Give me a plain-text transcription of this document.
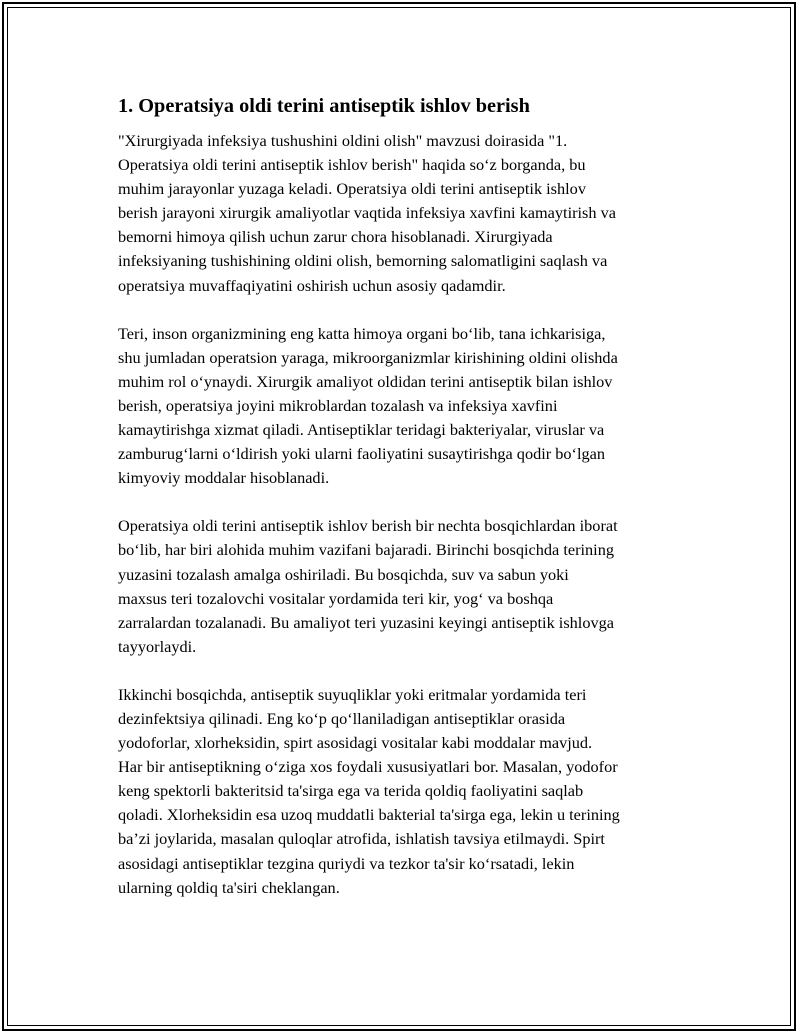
1. Operatsiya oldi terini antiseptik ishlov berish

"Xirurgiyada infeksiya tushushini oldini olish" mavzusi doirasida "1.
Operatsiya oldi terini antiseptik ishlov berish" haqida so‘z borganda, bu
muhim jarayonlar yuzaga keladi. Operatsiya oldi terini antiseptik ishlov
berish jarayoni xirurgik amaliyotlar vaqtida infeksiya xavfini kamaytirish va
bemorni himoya qilish uchun zarur chora hisoblanadi. Xirurgiyada
infeksiyaning tushishining oldini olish, bemorning salomatligini saqlash va
operatsiya muvaffaqiyatini oshirish uchun asosiy qadamdir.

Teri, inson organizmining eng katta himoya organi bo‘lib, tana ichkarisiga,
shu jumladan operatsion yaraga, mikroorganizmlar kirishining oldini olishda
muhim rol o‘ynaydi. Xirurgik amaliyot oldidan terini antiseptik bilan ishlov
berish, operatsiya joyini mikroblardan tozalash va infeksiya xavfini
kamaytirishga xizmat qiladi. Antiseptiklar teridagi bakteriyalar, viruslar va
zamburug‘larni o‘ldirish yoki ularni faoliyatini susaytirishga qodir bo‘lgan
kimyoviy moddalar hisoblanadi.

Operatsiya oldi terini antiseptik ishlov berish bir nechta bosqichlardan iborat
bo‘lib, har biri alohida muhim vazifani bajaradi. Birinchi bosqichda terining
yuzasini tozalash amalga oshiriladi. Bu bosqichda, suv va sabun yoki
maxsus teri tozalovchi vositalar yordamida teri kir, yog‘ va boshqa
zarralardan tozalanadi. Bu amaliyot teri yuzasini keyingi antiseptik ishlovga
tayyorlaydi.

Ikkinchi bosqichda, antiseptik suyuqliklar yoki eritmalar yordamida teri
dezinfektsiya qilinadi. Eng ko‘p qo‘llaniladigan antiseptiklar orasida
yodoforlar, xlorheksidin, spirt asosidagi vositalar kabi moddalar mavjud.
Har bir antiseptikning o‘ziga xos foydali xususiyatlari bor. Masalan, yodofor
keng spektorli bakteritsid ta'sirga ega va terida qoldiq faoliyatini saqlab
qoladi. Xlorheksidin esa uzoq muddatli bakterial ta'sirga ega, lekin u terining
ba’zi joylarida, masalan quloqlar atrofida, ishlatish tavsiya etilmaydi. Spirt
asosidagi antiseptiklar tezgina quriydi va tezkor ta'sir ko‘rsatadi, lekin
ularning qoldiq ta'siri cheklangan.
